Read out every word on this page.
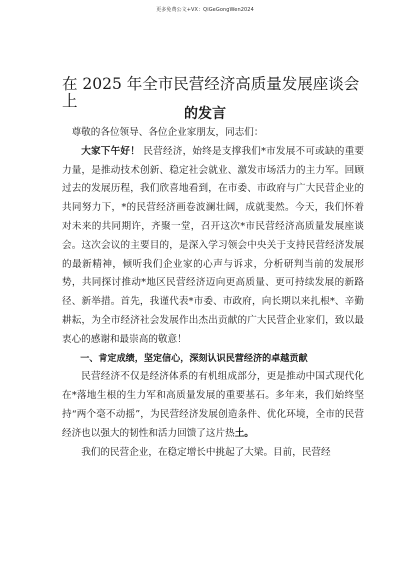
更多免费公文+VX：QiGeGongWen2024
在 2025 年全市民营经济高质量发展座谈会上
的发言

尊敬的各位领导、各位企业家朋友，同志们：

大家下午好！ 民营经济，始终是支撑我们*市发展不可或缺的重要力量，是推动技术创新、稳定社会就业、激发市场活力的主力军。回顾过去的发展历程，我们欣喜地看到，在市委、市政府与广大民营企业的共同努力下，*的民营经济画卷波澜壮阔，成就斐然。今天，我们怀着对未来的共同期许，齐聚一堂，召开这次*市民营经济高质量发展座谈会。这次会议的主要目的，是深入学习领会中央关于支持民营经济发展的最新精神，倾听我们企业家的心声与诉求，分析研判当前的发展形势，共同探讨推动*地区民营经济迈向更高质量、更可持续发展的新路径、新举措。首先，我谨代表*市委、市政府，向长期以来扎根*、辛勤耕耘，为全市经济社会发展作出杰出贡献的广大民营企业家们，致以最衷心的感谢和最崇高的敬意！

一、肯定成绩，坚定信心，深刻认识民营经济的卓越贡献

民营经济不仅是经济体系的有机组成部分，更是推动中国式现代化在*落地生根的生力军和高质量发展的重要基石。多年来，我们始终坚持“两个毫不动摇”，为民营经济发展创造条件、优化环境，全市的民营经济也以强大的韧性和活力回馈了这片热土。

我们的民营企业，在稳定增长中挑起了大梁。目前，民营经
